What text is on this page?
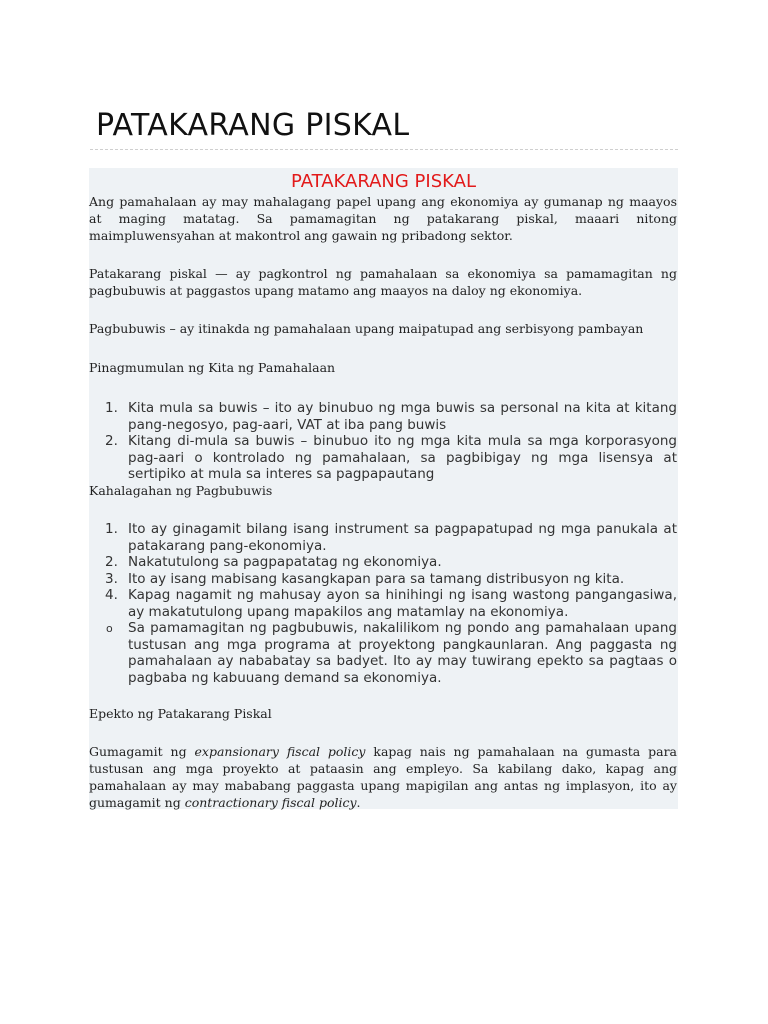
PATAKARANG PISKAL
PATAKARANG PISKAL

Ang pamahalaan ay may mahalagang papel upang ang ekonomiya ay gumanap ng maayos at maging matatag. Sa pamamagitan ng patakarang piskal, maaari nitong maimpluwensyahan at makontrol ang gawain ng pribadong sektor.

Patakarang piskal — ay pagkontrol ng pamahalaan sa ekonomiya sa pamamagitan ng pagbubuwis at paggastos upang matamo ang maayos na daloy ng ekonomiya.

Pagbubuwis – ay itinakda ng pamahalaan upang maipatupad ang serbisyong pambayan

Pinagmumulan ng Kita ng Pamahalaan

1. Kita mula sa buwis – ito ay binubuo ng mga buwis sa personal na kita at kitang pang-negosyo, pag-aari, VAT at iba pang buwis
2. Kitang di-mula sa buwis – binubuo ito ng mga kita mula sa mga korporasyong pag-aari o kontrolado ng pamahalaan, sa pagbibigay ng mga lisensya at sertipiko at mula sa interes sa pagpapautang

Kahalagahan ng Pagbubuwis

1. Ito ay ginagamit bilang isang instrument sa pagpapatupad ng mga panukala at patakarang pang-ekonomiya.
2. Nakatutulong sa pagpapatatag ng ekonomiya.
3. Ito ay isang mabisang kasangkapan para sa tamang distribusyon ng kita.
4. Kapag nagamit ng mahusay ayon sa hinihingi ng isang wastong pangangasiwa, ay makatutulong upang mapakilos ang matamlay na ekonomiya.
o	Sa pamamagitan ng pagbubuwis, nakalilikom ng pondo ang pamahalaan upang tustusan ang mga programa at proyektong pangkaunlaran. Ang paggasta ng pamahalaan ay nababatay sa badyet. Ito ay may tuwirang epekto sa pagtaas o pagbaba ng kabuuang demand sa ekonomiya.

Epekto ng Patakarang Piskal

Gumagamit ng expansionary fiscal policy kapag nais ng pamahalaan na gumasta para tustusan ang mga proyekto at pataasin ang empleyo. Sa kabilang dako, kapag ang pamahalaan ay may mababang paggasta upang mapigilan ang antas ng implasyon, ito ay gumagamit ng contractionary fiscal policy.
